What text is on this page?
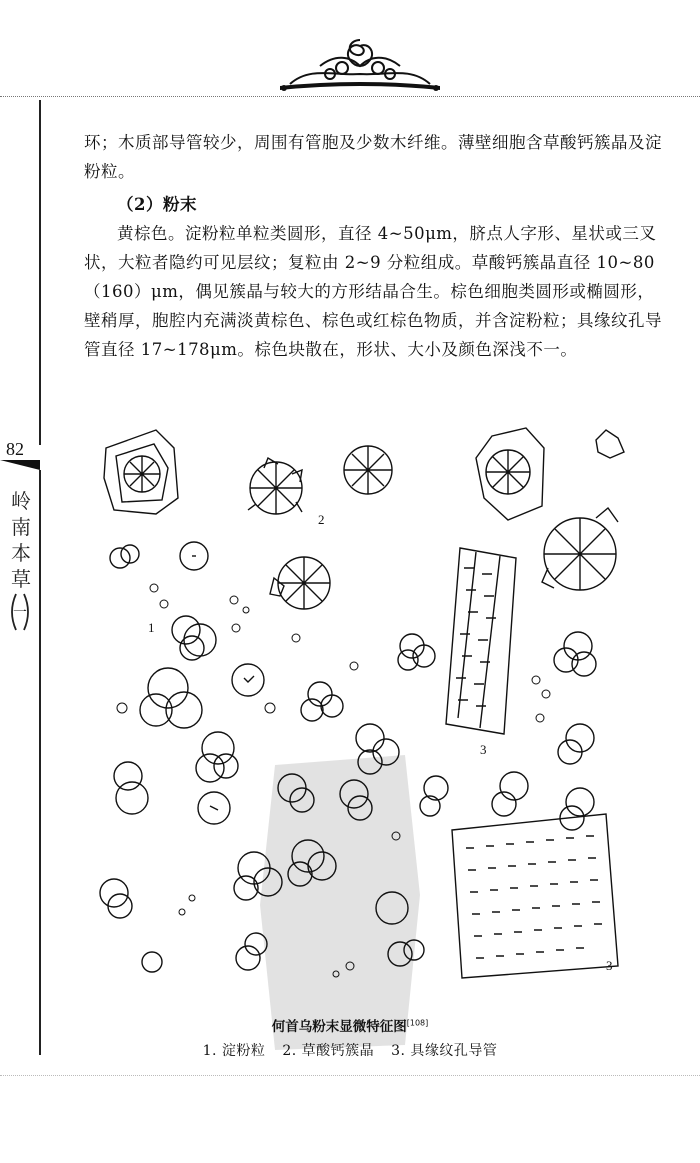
82
岭
南
本
草
一

环；木质部导管较少，周围有管胞及少数木纤维。薄壁细胞含草酸钙簇晶及淀粉粒。

（2）粉末

黄棕色。淀粉粒单粒类圆形，直径 4~50μm，脐点人字形、星状或三叉状，大粒者隐约可见层纹；复粒由 2~9 分粒组成。草酸钙簇晶直径 10~80（160）μm，偶见簇晶与较大的方形结晶合生。棕色细胞类圆形或椭圆形，壁稍厚，胞腔内充满淡黄棕色、棕色或红棕色物质，并含淀粉粒；具缘纹孔导管直径 17~178μm。棕色块散在，形状、大小及颜色深浅不一。

1
2
3
3
何首乌粉末显微特征图[108]
1. 淀粉粒 2. 草酸钙簇晶 3. 具缘纹孔导管
